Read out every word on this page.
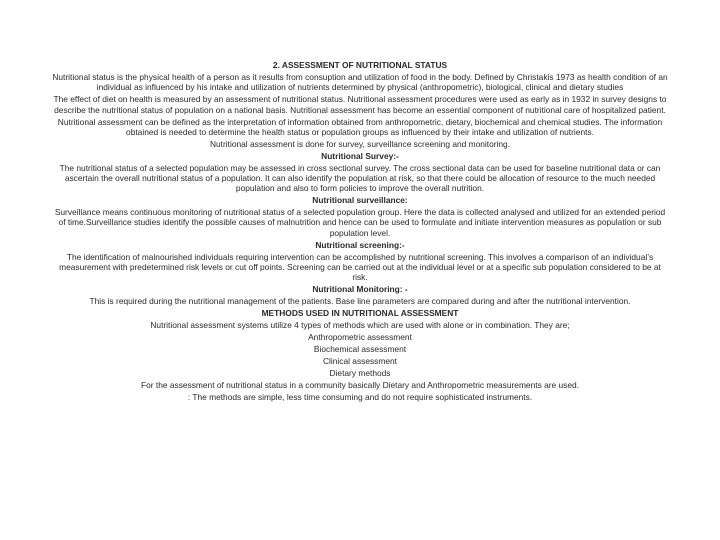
2. ASSESSMENT OF NUTRITIONAL STATUS

Nutritional status is the physical health of a person as it results from consuption and utilization of food in the body. Defined by Christakis 1973 as health condition of an individual as influenced by his intake and utilization of nutrients determined by physical (anthropometric), biological, clinical and dietary studies

The effect of diet on health is measured by an assessment of nutritional status. Nutritional assessment procedures were used as early as in 1932 in survey designs to describe the nutritional status of population on a national basis. Nutritional assessment has become an essential component of nutritional care of hospitalized patient.

Nutritional assessment can be defined as the interpretation of information obtained from anthropometric, dietary, biochemical and chemical studies. The information obtained is needed to determine the health status or population groups as influenced by their intake and utilization of nutrients.

Nutritional assessment is done for survey, surveillance screening and monitoring.

Nutritional Survey:-

The nutritional status of a selected population may be assessed in cross sectional survey. The cross sectional data can be used for baseline nutritional data or can ascertain the overall nutritional status of a population. It can also identify the population at risk, so that there could be allocation of resource to the much needed population and also to form policies to improve the overall nutrition.

Nutritional surveillance:

Surveillance means continuous monitoring of nutritional status of a selected population group. Here the data is collected analysed and utilized for an extended period of time.Surveillance studies identify the possible causes of malnutrition and hence can be used to formulate and initiate intervention measures as population or sub population level.

Nutritional screening:-

The identification of malnourished individuals requiring intervention can be accomplished by nutritional screening. This involves a comparison of an individual’s measurement with predetermined risk levels or cut off points. Screening can be carried out at the individual level or at a specific sub population considered to be at risk.

Nutritional Monitoring: -

This is required during the nutritional management of the patients. Base line parameters are compared during and after the nutritional intervention.

METHODS USED IN NUTRITIONAL ASSESSMENT

Nutritional assessment systems utilize 4 types of methods which are used with alone or in combination. They are;

Anthropometric assessment

Biochemical assessment

Clinical assessment

Dietary methods

For the assessment of nutritional status in a community basically Dietary and Anthropometric measurements are used.

: The methods are simple, less time consuming and do not require sophisticated instruments.
